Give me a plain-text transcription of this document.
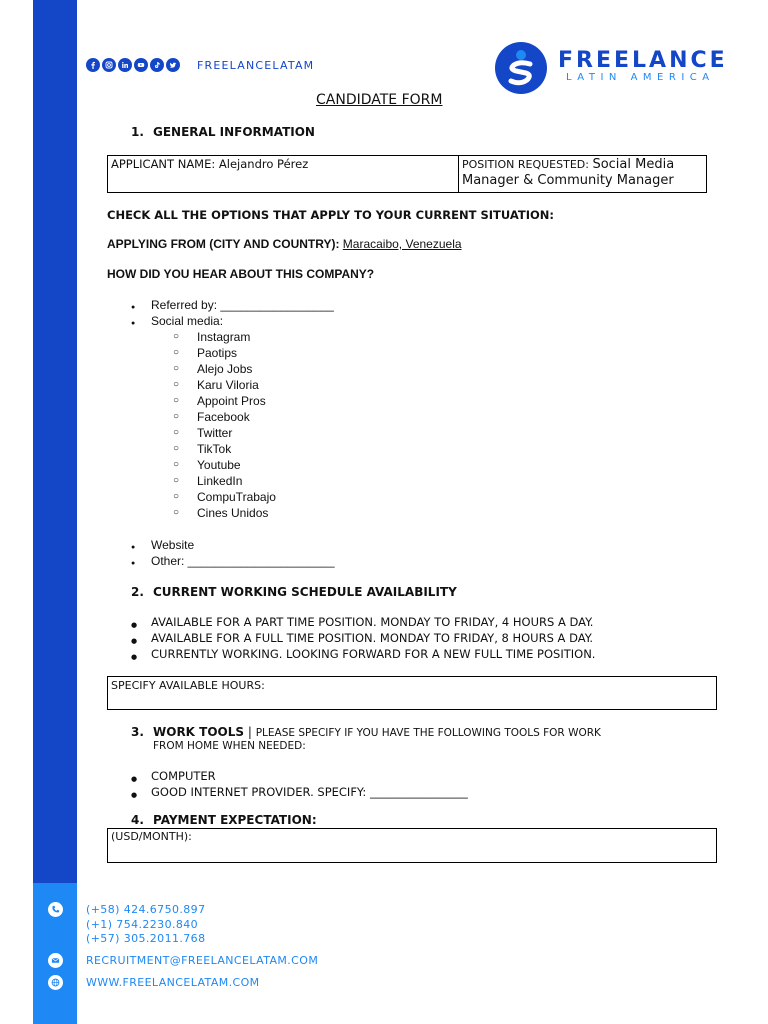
FREELANCELATAM	FREELANCE
LATIN AMERICA
CANDIDATE FORM
1. GENERAL INFORMATION
APPLICANT NAME: Alejandro Pérez	POSITION REQUESTED: Social Media
Manager & Community Manager
CHECK ALL THE OPTIONS THAT APPLY TO YOUR CURRENT SITUATION:
APPLYING FROM (CITY AND COUNTRY): Maracaibo, Venezuela
HOW DID YOU HEAR ABOUT THIS COMPANY?
● Referred by: _________________
● Social media:
○ Instagram
○ Paotips
○ Alejo Jobs
○ Karu Viloria
○ Appoint Pros
○ Facebook
○ Twitter
○ TikTok
○ Youtube
○ LinkedIn
○ CompuTrabajo
○ Cines Unidos
● Website
● Other: ______________________
2. CURRENT WORKING SCHEDULE AVAILABILITY
● AVAILABLE FOR A PART TIME POSITION. MONDAY TO FRIDAY, 4 HOURS A DAY.
● AVAILABLE FOR A FULL TIME POSITION. MONDAY TO FRIDAY, 8 HOURS A DAY.
● CURRENTLY WORKING. LOOKING FORWARD FOR A NEW FULL TIME POSITION.
SPECIFY AVAILABLE HOURS:
3. WORK TOOLS | PLEASE SPECIFY IF YOU HAVE THE FOLLOWING TOOLS FOR WORK
FROM HOME WHEN NEEDED:
● COMPUTER
● GOOD INTERNET PROVIDER. SPECIFY: _________________
4. PAYMENT EXPECTATION:
(USD/MONTH):
(+58) 424.6750.897
(+1) 754.2230.840
(+57) 305.2011.768
RECRUITMENT@FREELANCELATAM.COM
WWW.FREELANCELATAM.COM
